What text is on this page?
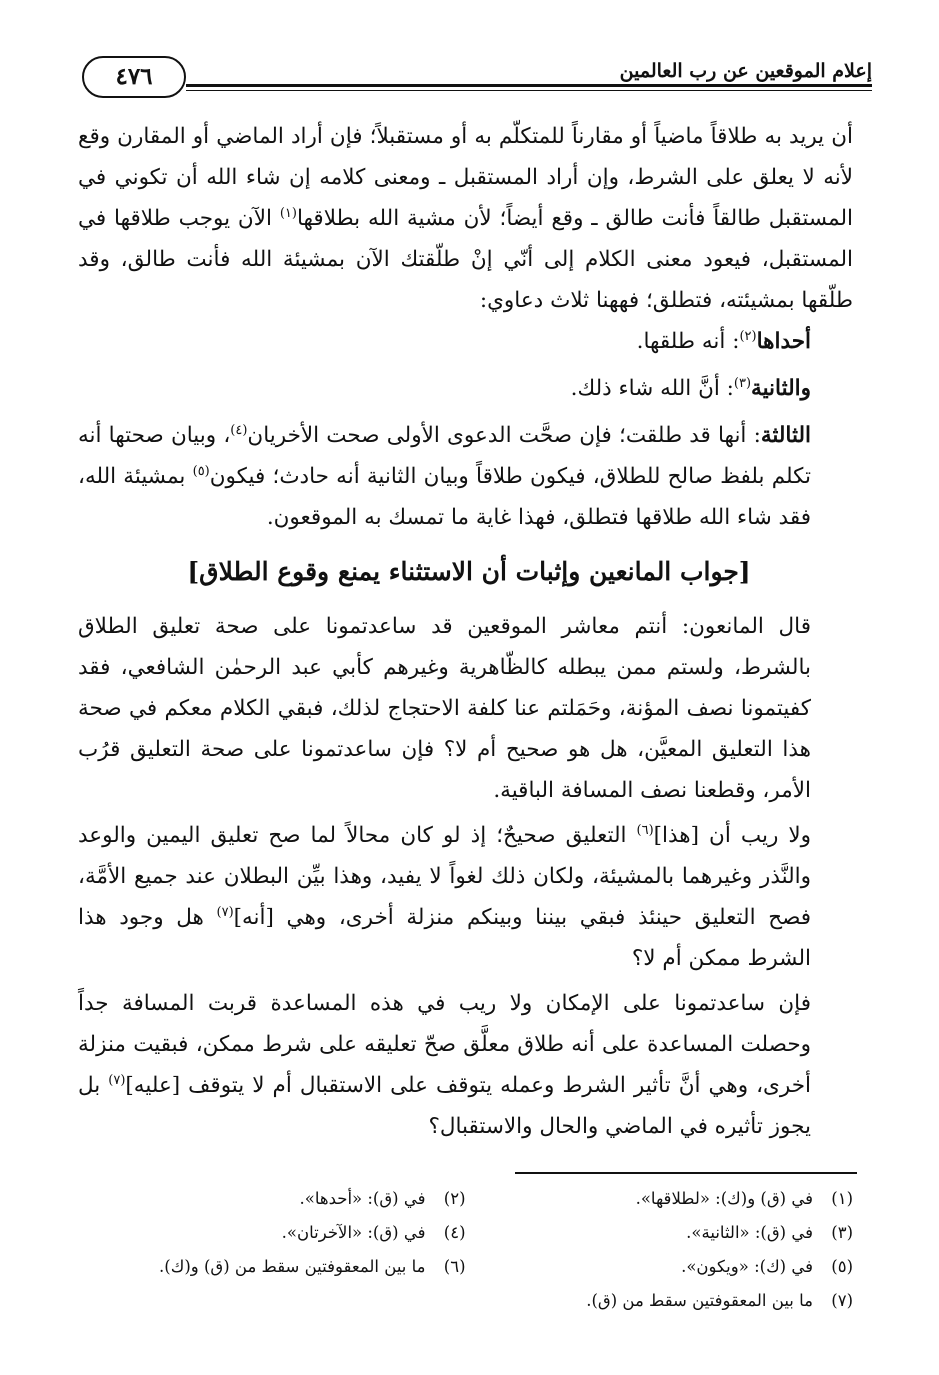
إعلام الموقعين عن رب العالمين
٤٧٦

أن يريد به طلاقاً ماضياً أو مقارناً للمتكلّم به أو مستقبلاً؛ فإن أراد الماضي أو المقارن وقع لأنه لا يعلق على الشرط، وإن أراد المستقبل ـ ومعنى كلامه إن شاء الله أن تكوني في المستقبل طالقاً فأنت طالق ـ وقع أيضاً؛ لأن مشية الله بطلاقها$^{(١)}$ الآن يوجب طلاقها في المستقبل، فيعود معنى الكلام إلى أنّي إنْ طلّقتك الآن بمشيئة الله فأنت طالق، وقد طلّقها بمشيئته، فتطلق؛ فههنا ثلاث دعاوي:

أحداها$^{(٢)}$: أنه طلقها.

والثانية$^{(٣)}$: أنَّ الله شاء ذلك.

الثالثة: أنها قد طلقت؛ فإن صحَّت الدعوى الأولى صحت الأخريان$^{(٤)}$، وبيان صحتها أنه تكلم بلفظ صالح للطلاق، فيكون طلاقاً وبيان الثانية أنه حادث؛ فيكون$^{(٥)}$ بمشيئة الله، فقد شاء الله طلاقها فتطلق، فهذا غاية ما تمسك به الموقعون.

[جواب المانعين وإثبات أن الاستثناء يمنع وقوع الطلاق]

قال المانعون: أنتم معاشر الموقعين قد ساعدتمونا على صحة تعليق الطلاق بالشرط، ولستم ممن يبطله كالظّاهرية وغيرهم كأبي عبد الرحمٰن الشافعي، فقد كفيتمونا نصف المؤنة، وحَمَلتم عنا كلفة الاحتجاج لذلك، فبقي الكلام معكم في صحة هذا التعليق المعيَّن، هل هو صحيح أم لا؟ فإن ساعدتمونا على صحة التعليق قرُب الأمر، وقطعنا نصف المسافة الباقية.

ولا ريب أن [هذا]$^{(٦)}$ التعليق صحيحٌ؛ إذ لو كان محالاً لما صح تعليق اليمين والوعد والنَّذر وغيرهما بالمشيئة، ولكان ذلك لغواً لا يفيد، وهذا بيِّن البطلان عند جميع الأمَّة، فصح التعليق حينئذ فبقي بيننا وبينكم منزلة أخرى، وهي [أنه]$^{(٧)}$ هل وجود هذا الشرط ممكن أم لا؟

فإن ساعدتمونا على الإمكان ولا ريب في هذه المساعدة قربت المسافة جداً وحصلت المساعدة على أنه طلاق معلَّق صحّ تعليقه على شرط ممكن، فبقيت منزلة أخرى، وهي أنَّ تأثير الشرط وعمله يتوقف على الاستقبال أم لا يتوقف [عليه]$^{(٧)}$ بل يجوز تأثيره في الماضي والحال والاستقبال؟

(١)في (ق) و(ك): «لطلاقها».
(٢)في (ق): «أحدها».
(٣)في (ق): «الثانية».
(٤)في (ق): «الآخرتان».
(٥)في (ك): «ويكون».
(٦)ما بين المعقوفتين سقط من (ق) و(ك).
(٧)ما بين المعقوفتين سقط من (ق).
